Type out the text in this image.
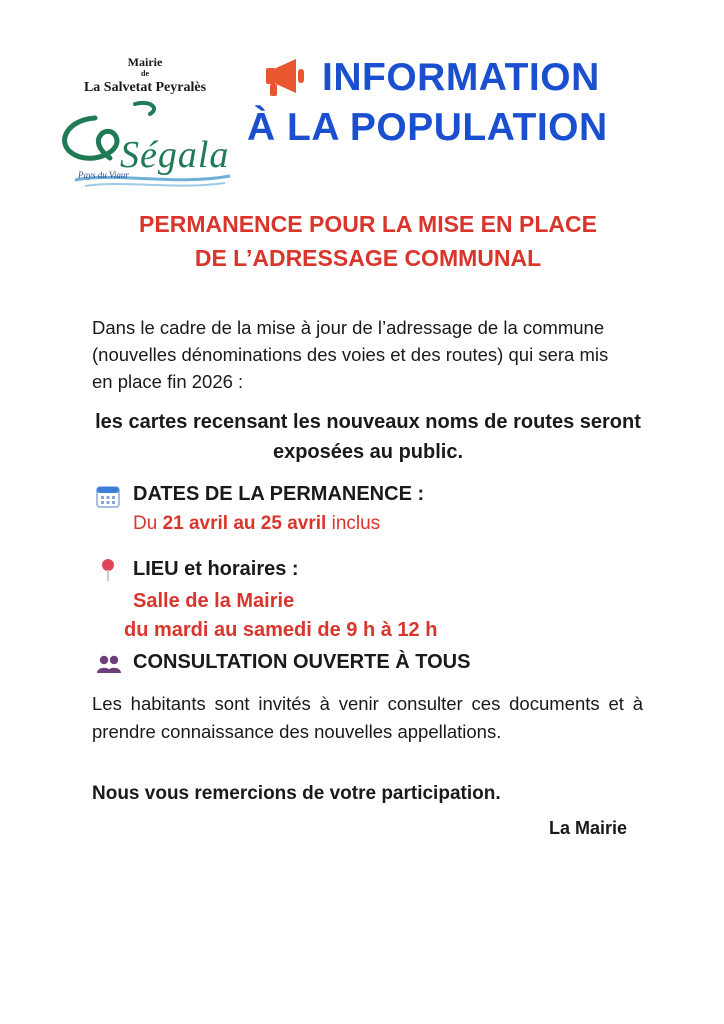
Mairie
de
La Salvetat Peyralès
Ségala
Pays du Viaur
INFORMATION
À LA POPULATION
PERMANENCE POUR LA MISE EN PLACE
DE L’ADRESSAGE COMMUNAL
Dans le cadre de la mise à jour de l’adressage de la commune (nouvelles dénominations des voies et des routes) qui sera mis en place fin 2026 :
les cartes recensant les nouveaux noms de routes seront exposées au public.
DATES DE LA PERMANENCE :
Du 21 avril au 25 avril inclus
LIEU et horaires :
Salle de la Mairie
du mardi au samedi de 9 h à 12 h
CONSULTATION OUVERTE À TOUS
Les habitants sont invités à venir consulter ces documents et à prendre connaissance des nouvelles appellations.
Nous vous remercions de votre participation.
La Mairie
